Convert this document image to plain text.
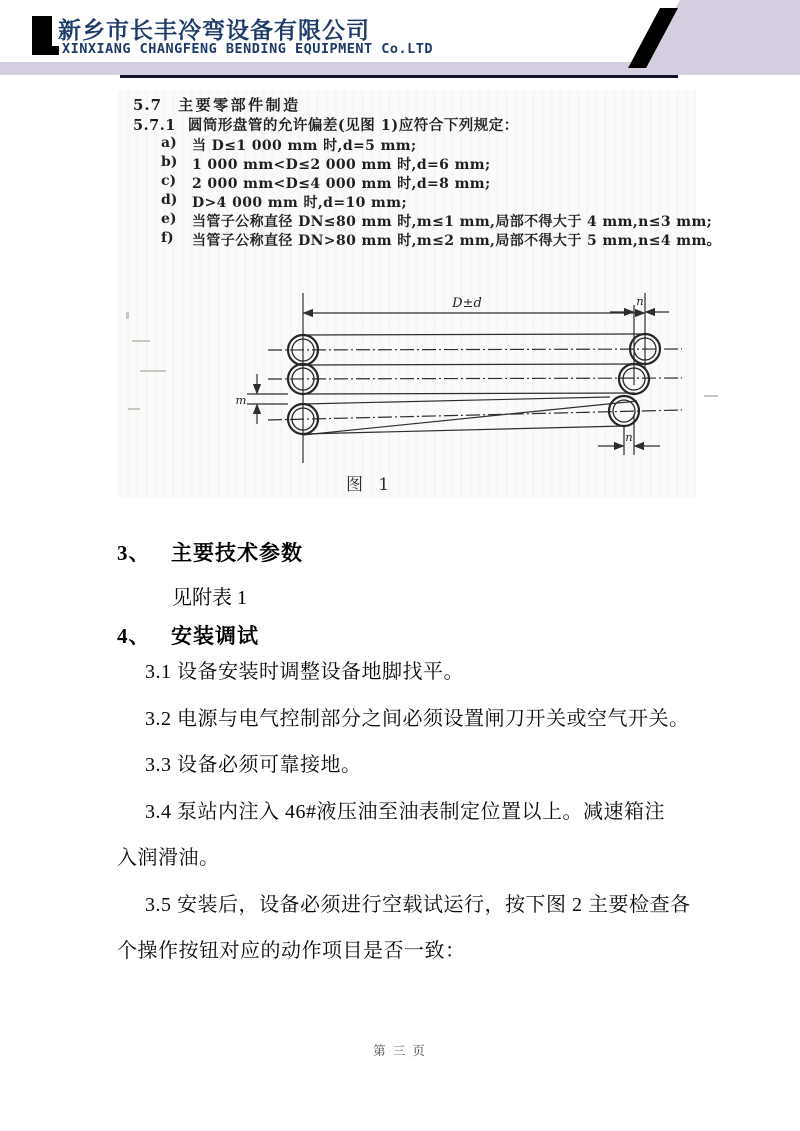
新乡市长丰冷弯设备有限公司
XINXIANG CHANGFENG BENDING EQUIPMENT Co.LTD
5.7 主要零部件制造
5.7.1 圆筒形盘管的允许偏差(见图 1)应符合下列规定：
a) 当 D≤1 000 mm 时,d=5 mm;
b) 1 000 mm<D≤2 000 mm 时,d=6 mm;
c) 2 000 mm<D≤4 000 mm 时,d=8 mm;
d) D>4 000 mm 时,d=10 mm;
e) 当管子公称直径 DN≤80 mm 时,m≤1 mm,局部不得大于 4 mm,n≤3 mm;
f) 当管子公称直径 DN>80 mm 时,m≤2 mm,局部不得大于 5 mm,n≤4 mm。
D±d	n
m
n
图 1
3、 主要技术参数
见附表 1
4、 安装调试
3.1 设备安装时调整设备地脚找平。
3.2 电源与电气控制部分之间必须设置闸刀开关或空气开关。
3.3 设备必须可靠接地。
3.4 泵站内注入 46#液压油至油表制定位置以上。减速箱注
入润滑油。
3.5 安装后，设备必须进行空载试运行，按下图 2 主要检查各
个操作按钮对应的动作项目是否一致：
第 三 页
